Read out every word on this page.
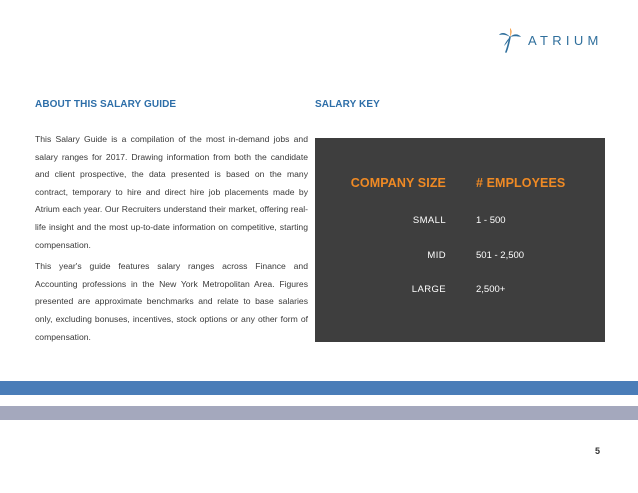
ATRIUM
ABOUT THIS SALARY GUIDE	SALARY KEY

This Salary Guide is a compilation of the most in-demand jobs and salary ranges for 2017. Drawing information from both the candidate and client prospective, the data presented is based on the many contract, temporary to hire and direct hire job placements made by Atrium each year. Our Recruiters understand their market, offering real-life insight and the most up-to-date information on competitive, starting compensation.

This year's guide features salary ranges across Finance and Accounting professions in the New York Metropolitan Area. Figures presented are approximate benchmarks and relate to base salaries only, excluding bonuses, incentives, stock options or any other form of compensation.

COMPANY SIZE # EMPLOYEES
SMALL	1 - 500
MID	501 - 2,500
LARGE	2,500+
5
